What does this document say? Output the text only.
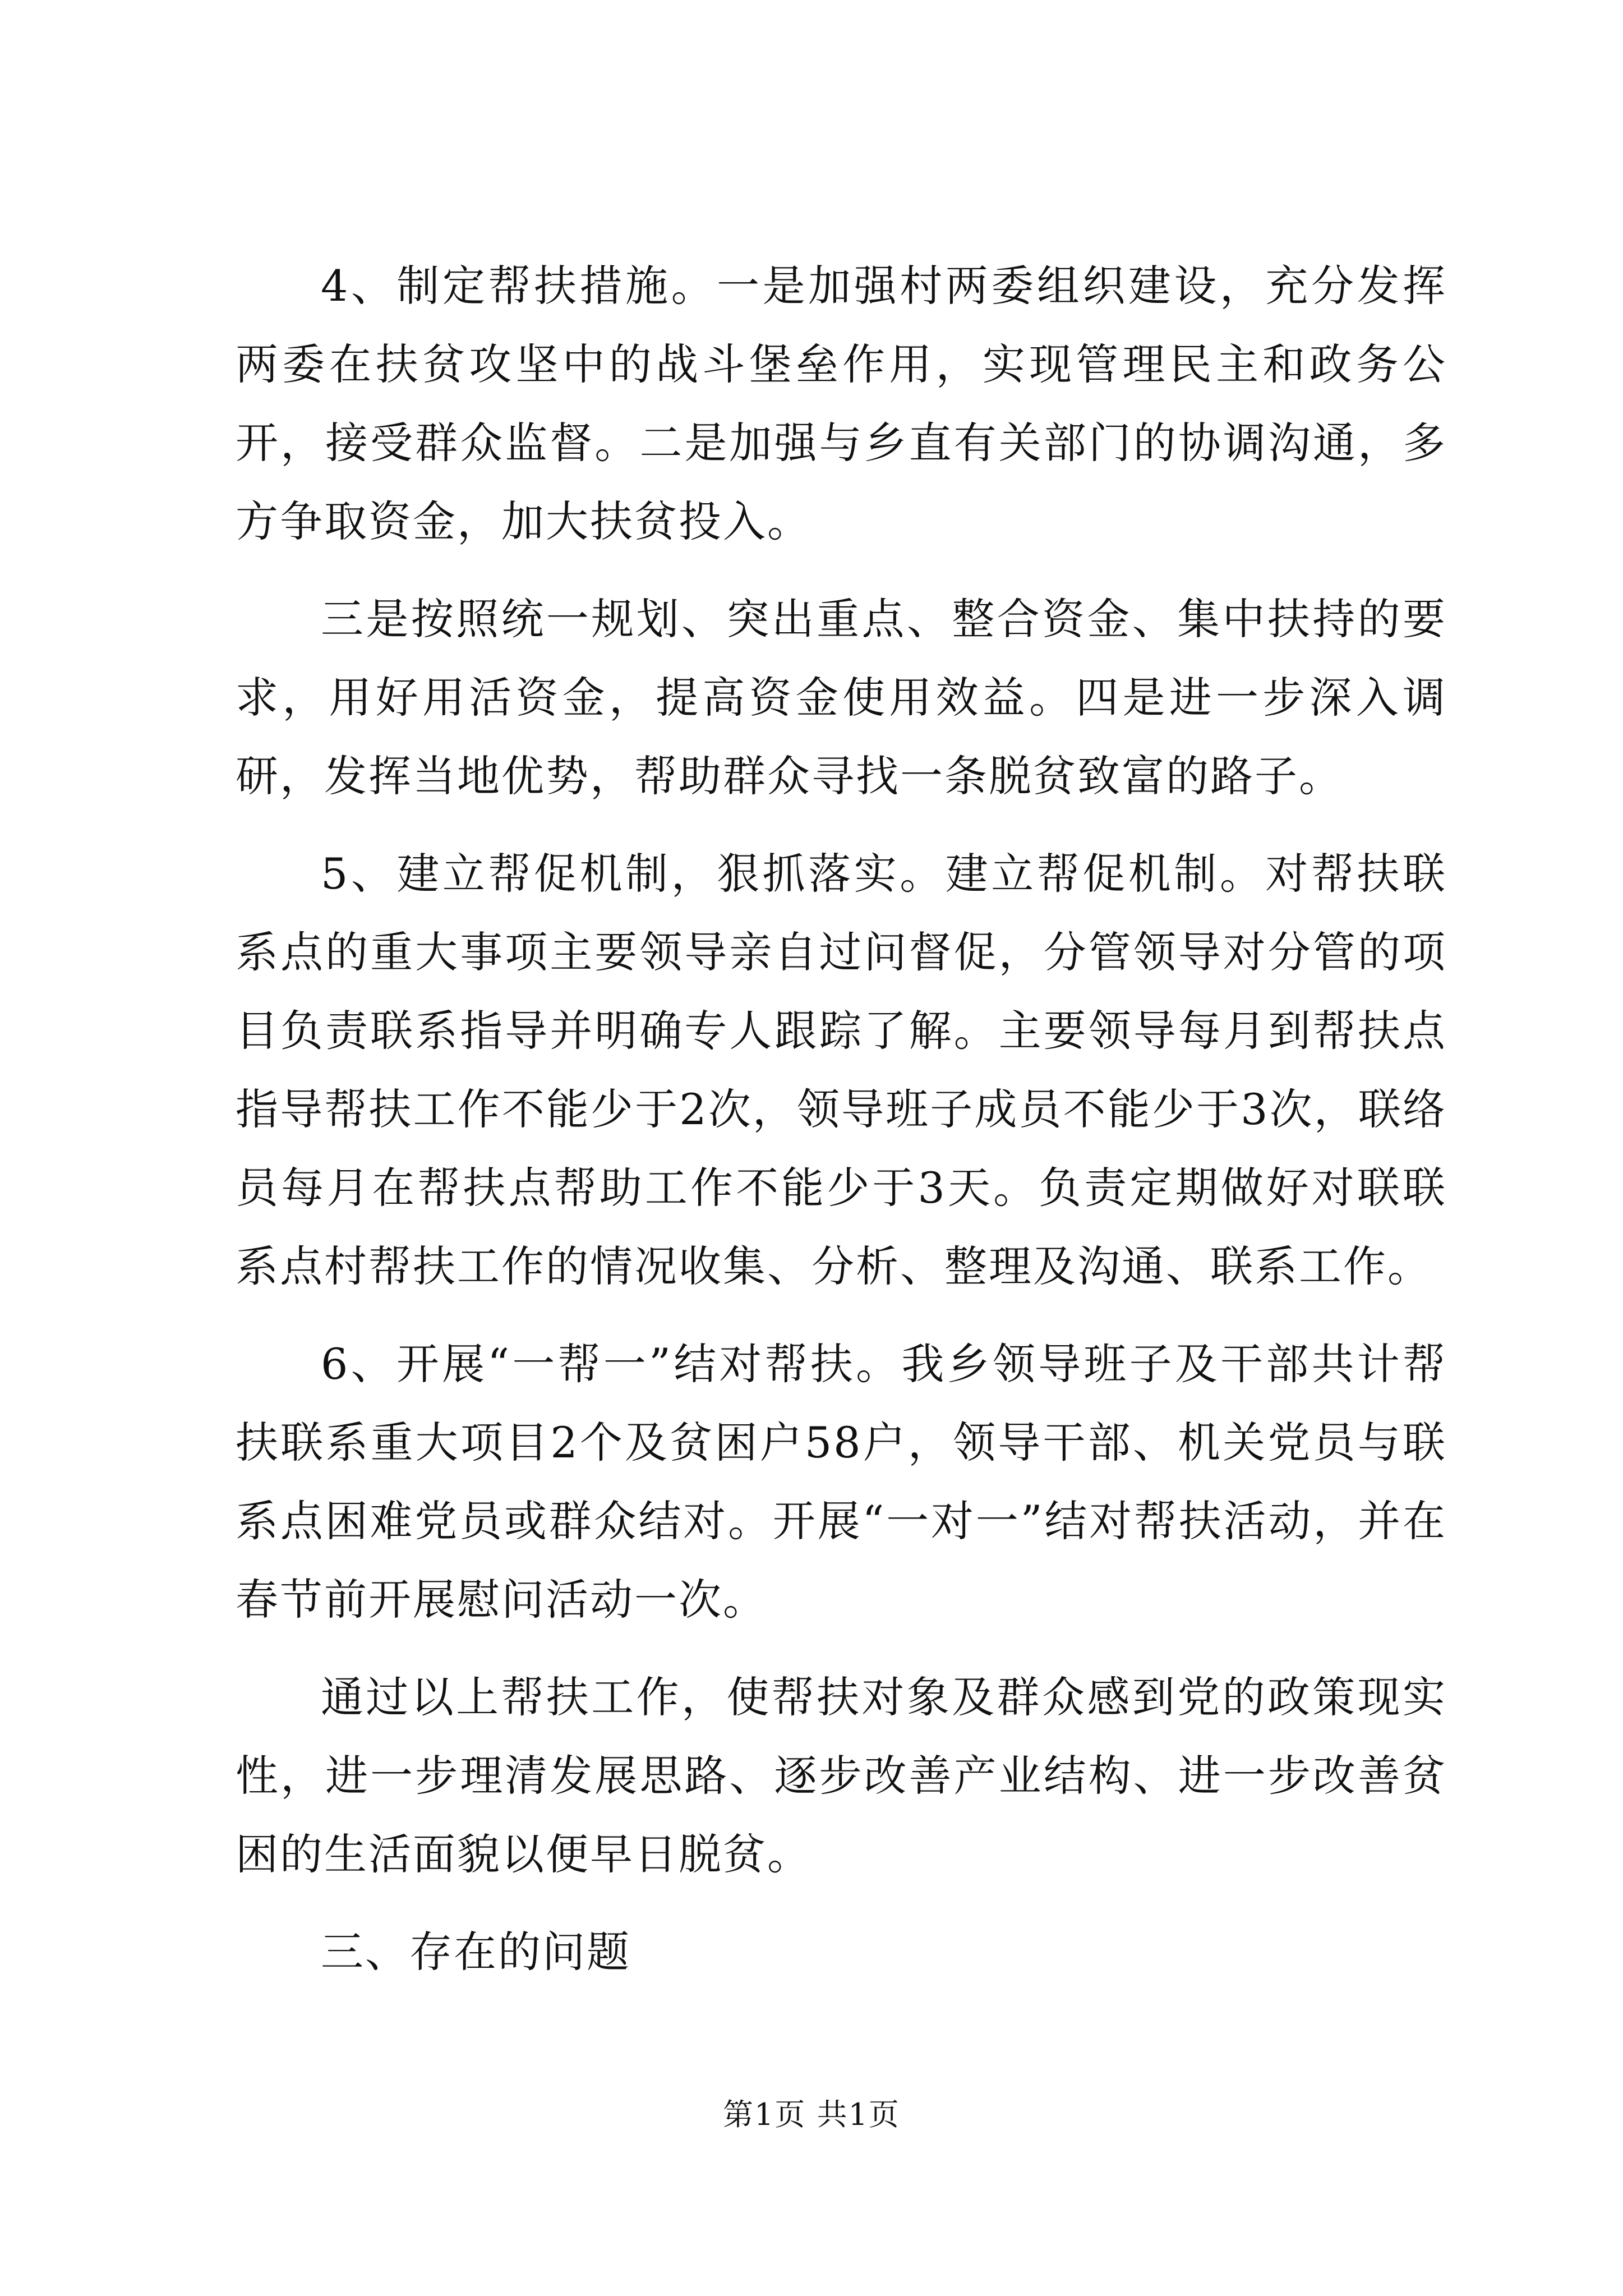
4、制定帮扶措施。一是加强村两委组织建设，充分发挥两委在扶贫攻坚中的战斗堡垒作用，实现管理民主和政务公开，接受群众监督。二是加强与乡直有关部门的协调沟通，多方争取资金，加大扶贫投入。

三是按照统一规划、突出重点、整合资金、集中扶持的要求，用好用活资金，提高资金使用效益。四是进一步深入调研，发挥当地优势，帮助群众寻找一条脱贫致富的路子。

5、建立帮促机制，狠抓落实。建立帮促机制。对帮扶联系点的重大事项主要领导亲自过问督促，分管领导对分管的项目负责联系指导并明确专人跟踪了解。主要领导每月到帮扶点指导帮扶工作不能少于2次，领导班子成员不能少于3次，联络员每月在帮扶点帮助工作不能少于3天。负责定期做好对联联系点村帮扶工作的情况收集、分析、整理及沟通、联系工作。

6、开展“一帮一”结对帮扶。我乡领导班子及干部共计帮扶联系重大项目2个及贫困户58户，领导干部、机关党员与联系点困难党员或群众结对。开展“一对一”结对帮扶活动，并在春节前开展慰问活动一次。

通过以上帮扶工作，使帮扶对象及群众感到党的政策现实性，进一步理清发展思路、逐步改善产业结构、进一步改善贫困的生活面貌以便早日脱贫。

三、存在的问题

第1页 共1页
